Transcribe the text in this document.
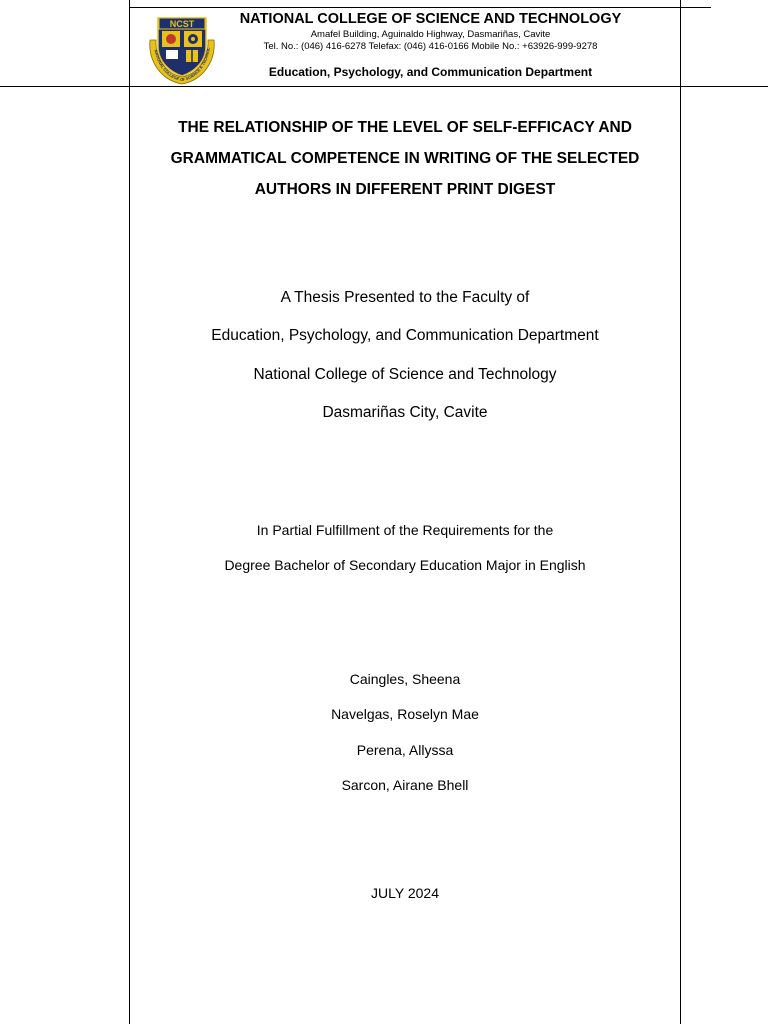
NCST
NATIONAL COLLEGE OF SCIENCE & TECHNOL
NATIONAL COLLEGE OF SCIENCE AND TECHNOLOGY
Amafel Building, Aguinaldo Highway, Dasmariñas, Cavite
Tel. No.: (046) 416-6278 Telefax: (046) 416-0166 Mobile No.: +63926-999-9278
Education, Psychology, and Communication Department
THE RELATIONSHIP OF THE LEVEL OF SELF-EFFICACY AND
GRAMMATICAL COMPETENCE IN WRITING OF THE SELECTED
AUTHORS IN DIFFERENT PRINT DIGEST
A Thesis Presented to the Faculty of
Education, Psychology, and Communication Department
National College of Science and Technology
Dasmariñas City, Cavite
In Partial Fulfillment of the Requirements for the
Degree Bachelor of Secondary Education Major in English
Caingles, Sheena
Navelgas, Roselyn Mae
Perena, Allyssa
Sarcon, Airane Bhell
JULY 2024
